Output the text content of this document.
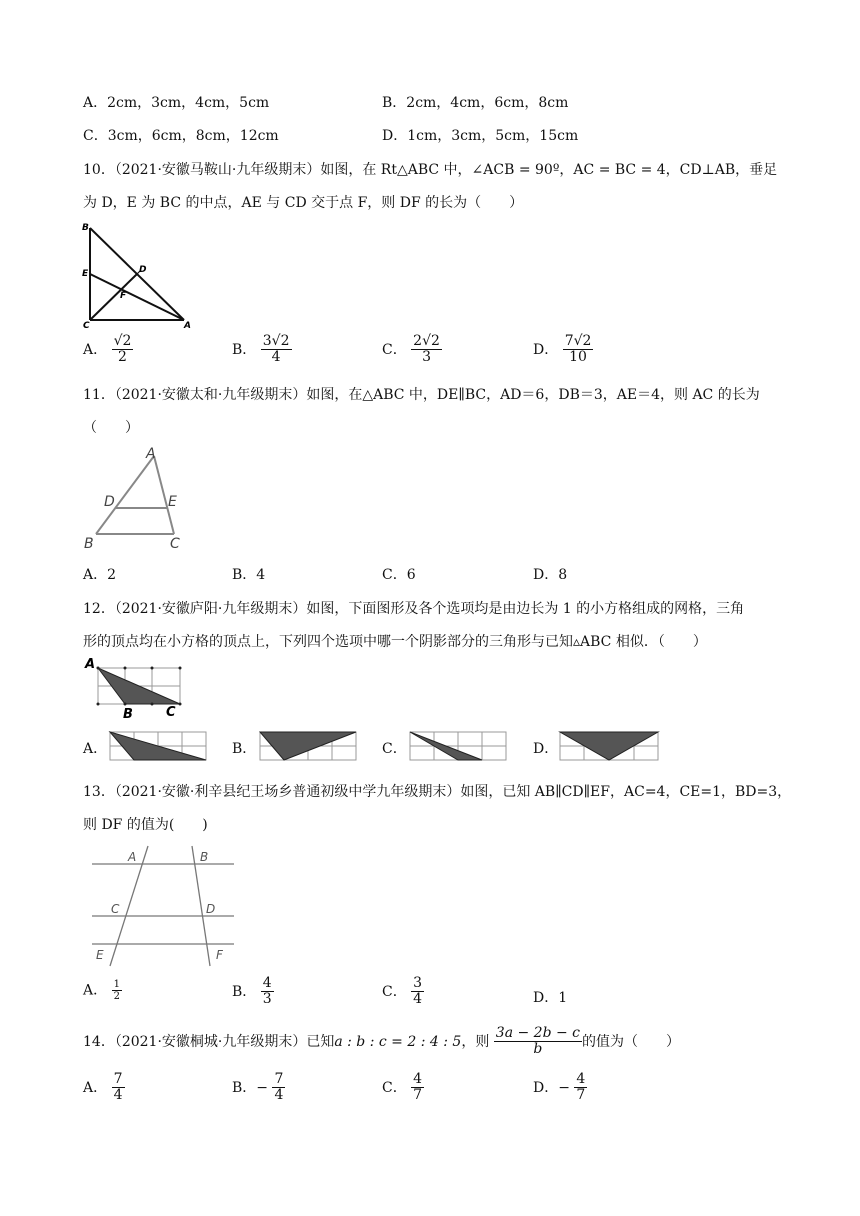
A．2cm，3cm，4cm，5cm	B．2cm，4cm，6cm，8cm
C．3cm，6cm，8cm，12cm	D．1cm，3cm，5cm，15cm
10．（2021·安徽马鞍山·九年级期末）如图，在 Rt△ABC 中，∠ACB = 90º，AC = BC = 4，CD⊥AB，垂足
为 D，E 为 BC 的中点，AE 与 CD 交于点 F，则 DF 的长为（　　）
B
E	D
F
C	A
A． $\frac{√2}{2}$	B． $\frac{3√2}{4}$	C． $\frac{2√2}{3}$	D． $\frac{7√2}{10}$
11．（2021·安徽太和·九年级期末）如图，在△ABC 中，DE∥BC，AD＝6，DB＝3，AE＝4，则 AC 的长为
（　　）
A
D	E
B	C
A．2	B．4	C．6	D．8
12．（2021·安徽庐阳·九年级期末）如图，下面图形及各个选项均是由边长为 1 的小方格组成的网格，三角
形的顶点均在小方格的顶点上，下列四个选项中哪一个阴影部分的三角形与已知▵ABC 相似．（　　）
A
B	C
A．	B．	C．	D．
13．（2021·安徽·利辛县纪王场乡普通初级中学九年级期末）如图，已知 AB∥CD∥EF，AC=4，CE=1，BD=3，
则 DF 的值为(　　)
A	B
C	D
E	F
A． $\frac{1}{2}$	B． $\frac{4}{3}$	C． $\frac{3}{4}$	D．1
14．（2021·安徽桐城·九年级期末）已知a : b : c = 2 : 4 : 5，则 $\frac{3a - 2b - c}{b}$ 的值为（　　）
A． $\frac{7}{4}$	B．− $\frac{7}{4}$	C． $\frac{4}{7}$	D．− $\frac{4}{7}$
